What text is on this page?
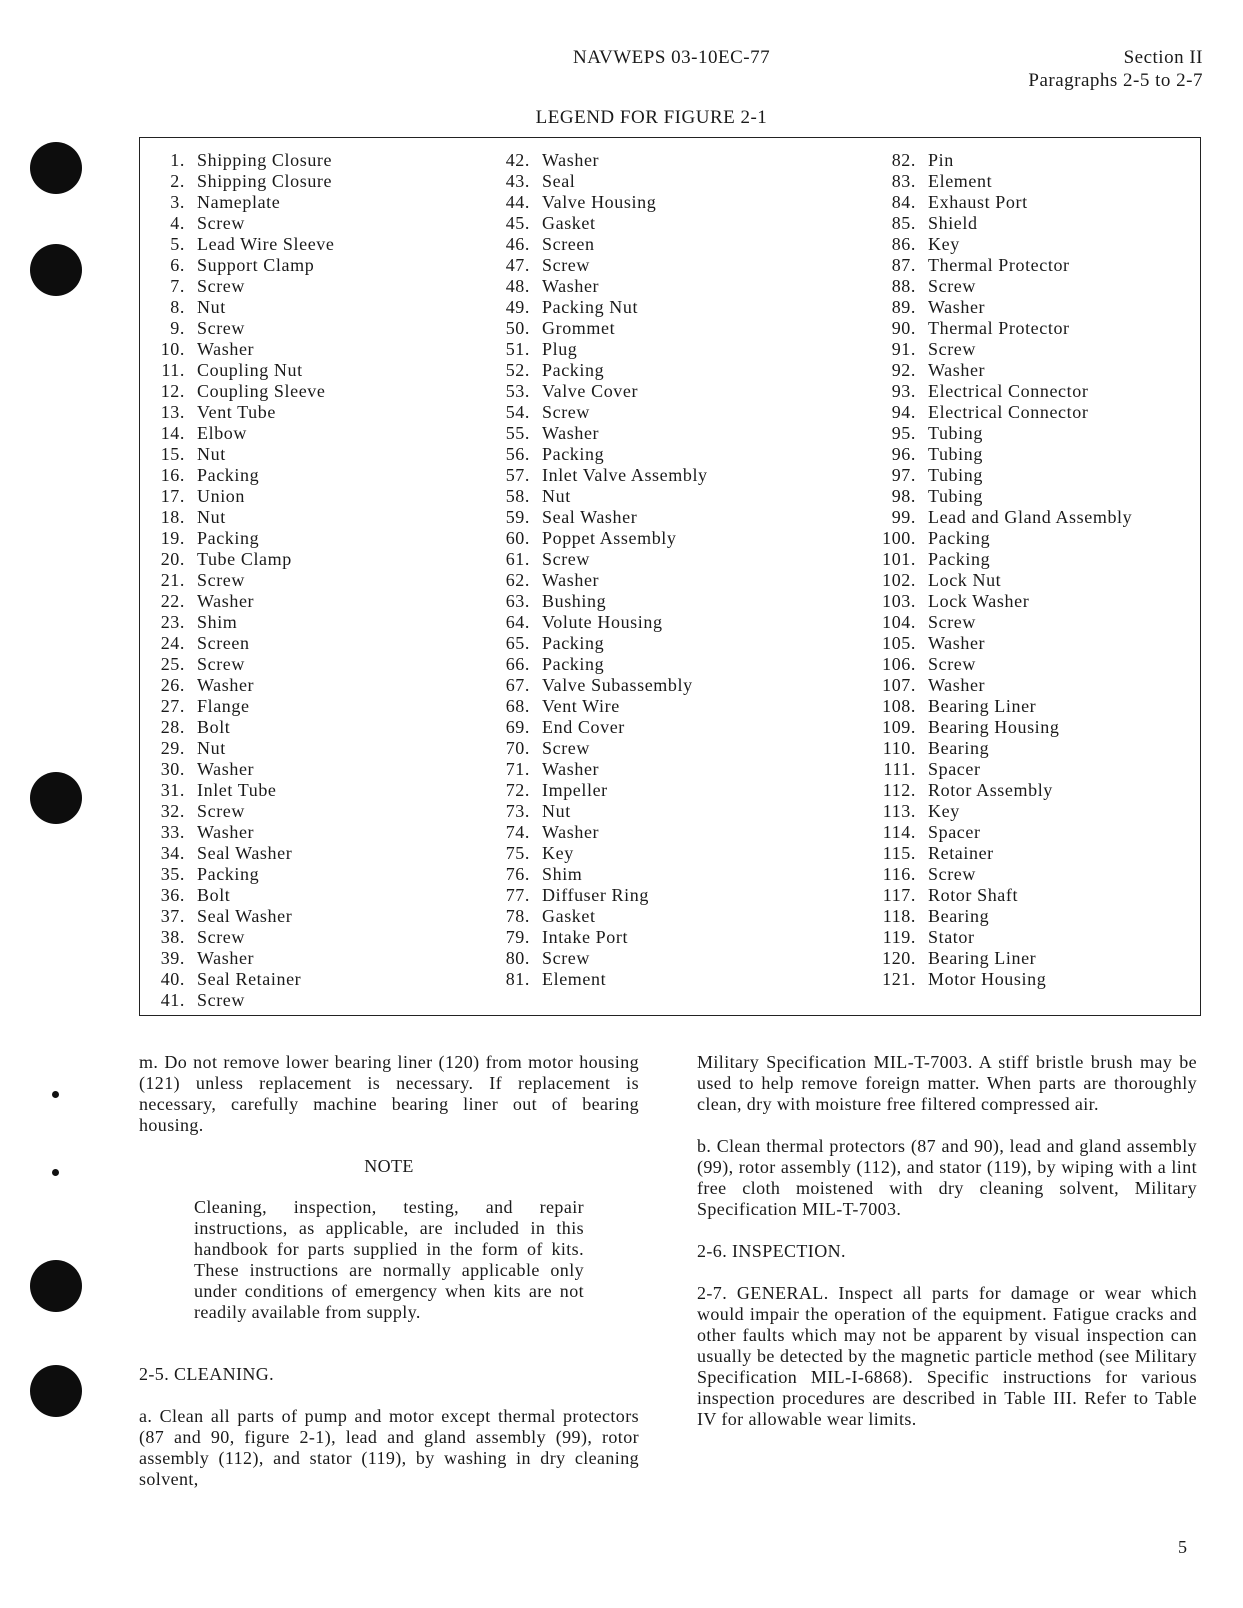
NAVWEPS 03-10EC-77	Section II
Paragraphs 2-5 to 2-7
LEGEND FOR FIGURE 2-1
1. Shipping Closure
2. Shipping Closure
3. Nameplate
4. Screw
5. Lead Wire Sleeve
6. Support Clamp
7. Screw
8. Nut
9. Screw
10. Washer
11. Coupling Nut
12. Coupling Sleeve
13. Vent Tube
14. Elbow
15. Nut
16. Packing
17. Union
18. Nut
19. Packing
20. Tube Clamp
21. Screw
22. Washer
23. Shim
24. Screen
25. Screw
26. Washer
27. Flange
28. Bolt
29. Nut
30. Washer
31. Inlet Tube
32. Screw
33. Washer
34. Seal Washer
35. Packing
36. Bolt
37. Seal Washer
38. Screw
39. Washer
40. Seal Retainer
41. Screw
42. Washer
43. Seal
44. Valve Housing
45. Gasket
46. Screen
47. Screw
48. Washer
49. Packing Nut
50. Grommet
51. Plug
52. Packing
53. Valve Cover
54. Screw
55. Washer
56. Packing
57. Inlet Valve Assembly
58. Nut
59. Seal Washer
60. Poppet Assembly
61. Screw
62. Washer
63. Bushing
64. Volute Housing
65. Packing
66. Packing
67. Valve Subassembly
68. Vent Wire
69. End Cover
70. Screw
71. Washer
72. Impeller
73. Nut
74. Washer
75. Key
76. Shim
77. Diffuser Ring
78. Gasket
79. Intake Port
80. Screw
81. Element
82. Pin
83. Element
84. Exhaust Port
85. Shield
86. Key
87. Thermal Protector
88. Screw
89. Washer
90. Thermal Protector
91. Screw
92. Washer
93. Electrical Connector
94. Electrical Connector
95. Tubing
96. Tubing
97. Tubing
98. Tubing
99. Lead and Gland Assembly
100. Packing
101. Packing
102. Lock Nut
103. Lock Washer
104. Screw
105. Washer
106. Screw
107. Washer
108. Bearing Liner
109. Bearing Housing
110. Bearing
111. Spacer
112. Rotor Assembly
113. Key
114. Spacer
115. Retainer
116. Screw
117. Rotor Shaft
118. Bearing
119. Stator
120. Bearing Liner
121. Motor Housing

m. Do not remove lower bearing liner (120) from motor housing (121) unless replacement is necessary. If replacement is necessary, carefully machine bearing liner out of bearing housing.

NOTE

Cleaning, inspection, testing, and repair instructions, as applicable, are included in this handbook for parts supplied in the form of kits. These instructions are normally applicable only under conditions of emergency when kits are not readily available from supply.

2-5. CLEANING.

a. Clean all parts of pump and motor except thermal protectors (87 and 90, figure 2-1), lead and gland assembly (99), rotor assembly (112), and stator (119), by washing in dry cleaning solvent,

Military Specification MIL-T-7003. A stiff bristle brush may be used to help remove foreign matter. When parts are thoroughly clean, dry with moisture free filtered compressed air.

b. Clean thermal protectors (87 and 90), lead and gland assembly (99), rotor assembly (112), and stator (119), by wiping with a lint free cloth moistened with dry cleaning solvent, Military Specification MIL-T-7003.

2-6. INSPECTION.

2-7. GENERAL. Inspect all parts for damage or wear which would impair the operation of the equipment. Fatigue cracks and other faults which may not be apparent by visual inspection can usually be detected by the magnetic particle method (see Military Specification MIL-I-6868). Specific instructions for various inspection procedures are described in Table III. Refer to Table IV for allowable wear limits.

5
